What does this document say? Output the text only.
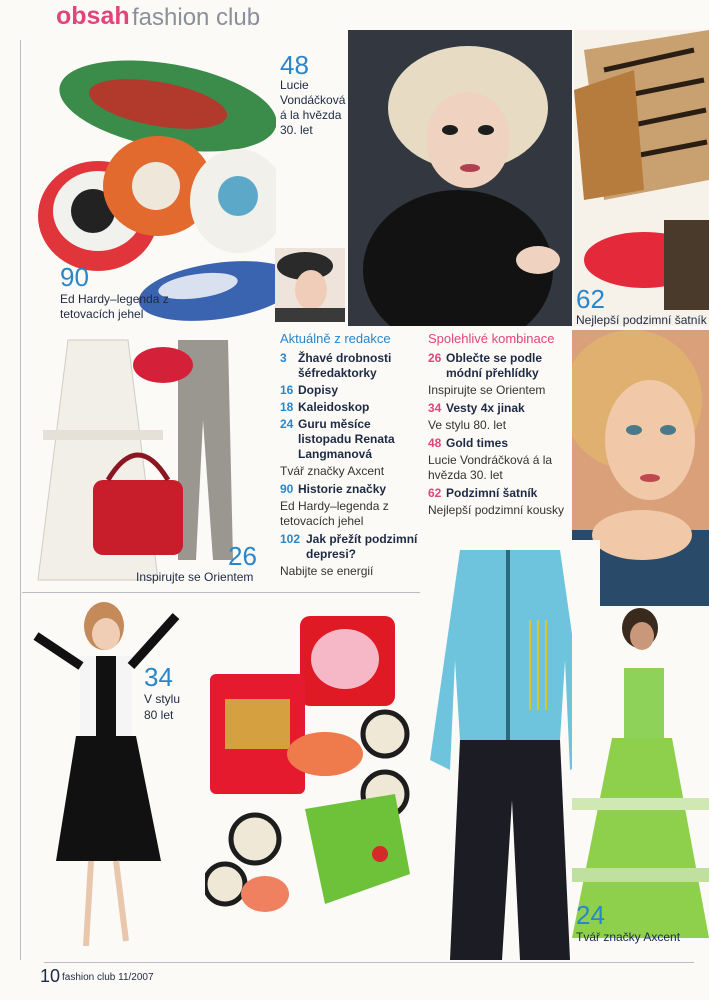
obsah fashion club
90
Ed Hardy–legenda z tetovacích jehel
48
Lucie Vondáčková á la hvězda 30. let
62
Nejlepší podzimní šatník
26
Inspirujte se Orientem
Aktuálně z redakce
3 Žhavé drobnosti šéfredaktorky
16 Dopisy
18 Kaleidoskop
24 Guru měsíce listopadu Renata Langmanová
Tvář značky Axcent
90 Historie značky
Ed Hardy–legenda z tetovacích jehel
102 Jak přežít podzimní depresi?
Nabijte se energií
Spolehlivé kombinace
26 Oblečte se podle módní přehlídky
Inspirujte se Orientem
34 Vesty 4x jinak
Ve stylu 80. let
48 Gold times
Lucie Vondráčková á la hvězda 30. let
62 Podzimní šatník
Nejlepší podzimní kousky
34
V stylu
80 let
24
Tvář značky Axcent
10 fashion club 11/2007
